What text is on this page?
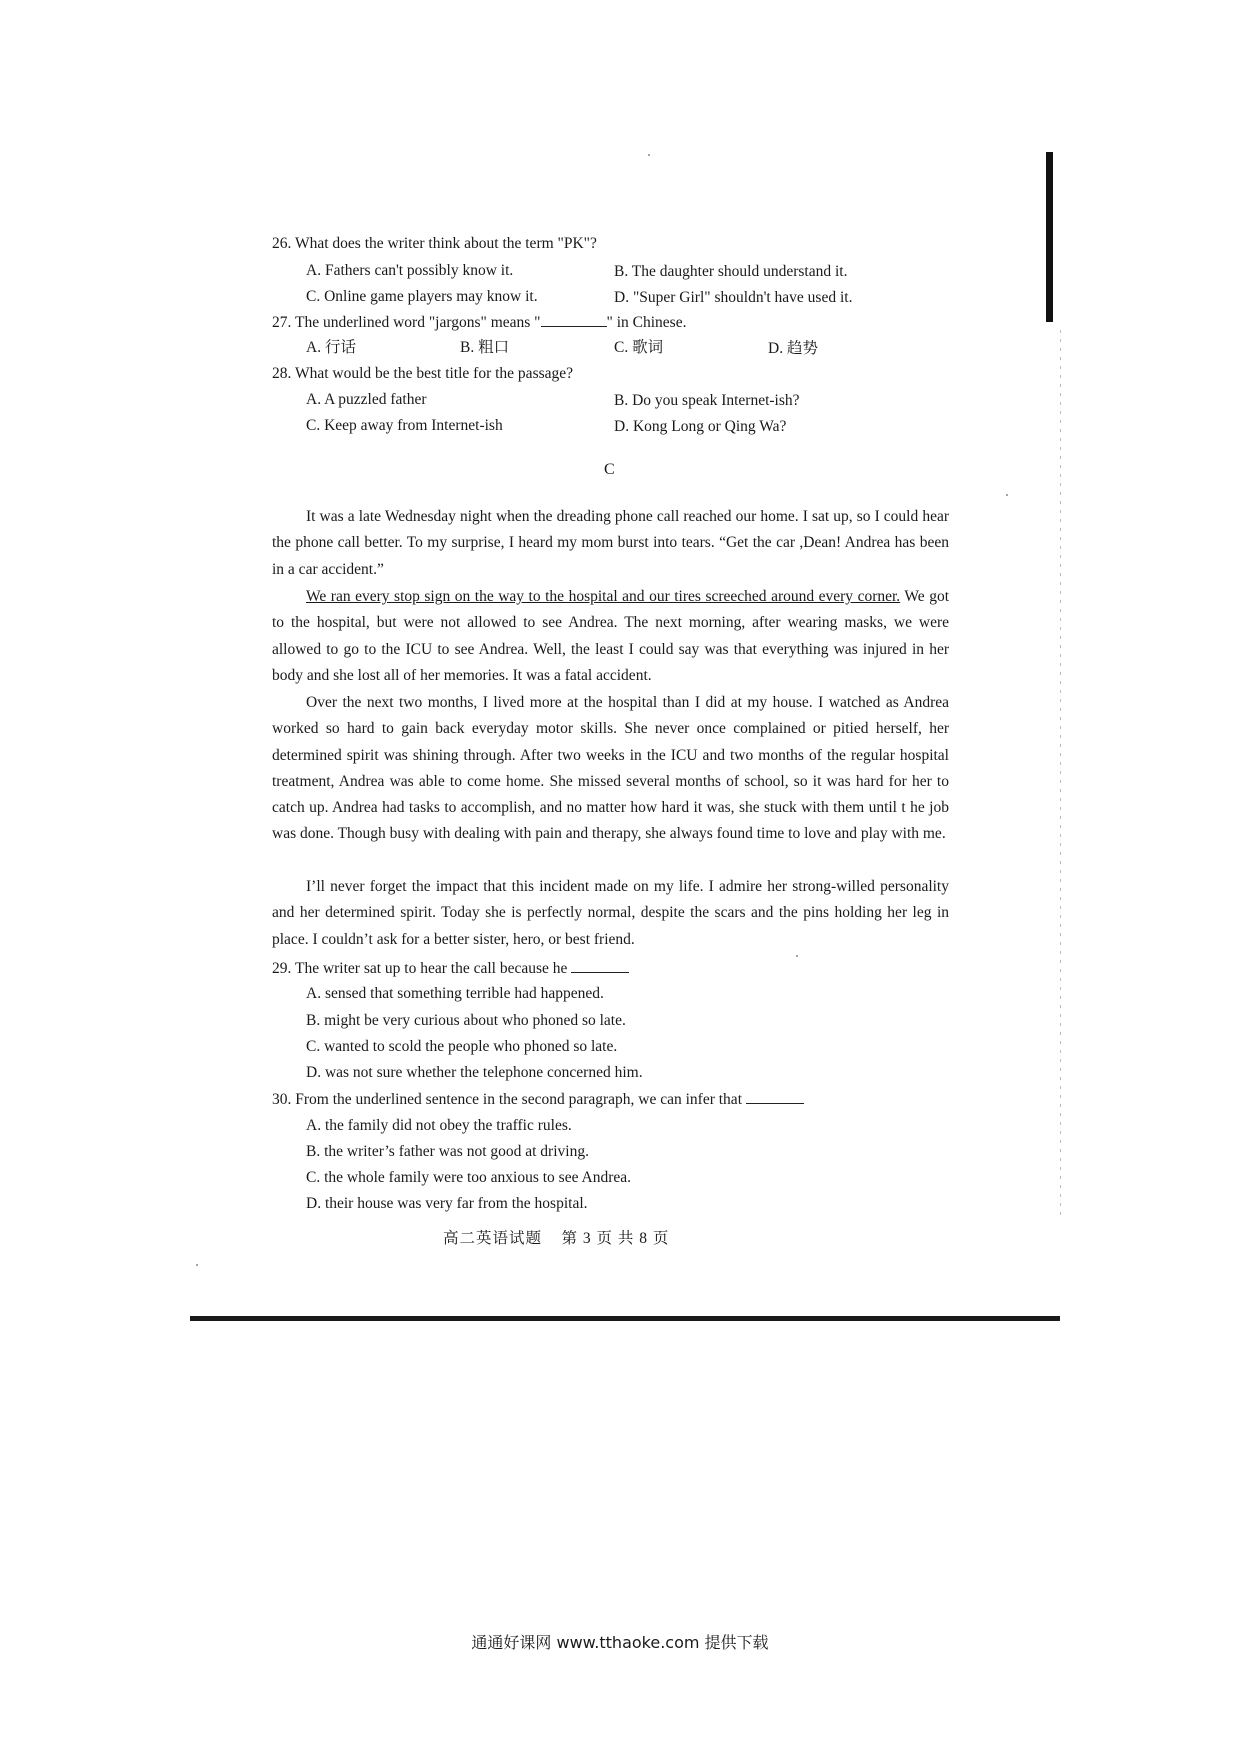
26. What does the writer think about the term "PK"?
A. Fathers can't possibly know it.	B. The daughter should understand it.
C. Online game players may know it.	D. "Super Girl" shouldn't have used it.
27. The underlined word "jargons" means "	" in Chinese.
A. 行话	B. 粗口	C. 歌词	D. 趋势
28. What would be the best title for the passage?
A. A puzzled father	B. Do you speak Internet-ish?
C. Keep away from Internet-ish	D. Kong Long or Qing Wa?
C
It was a late Wednesday night when the dreading phone call reached our home. I sat up, so I could hear the phone call better. To my surprise, I heard my mom burst into tears. “Get the car ,Dean! Andrea has been in a car accident.”
We ran every stop sign on the way to the hospital and our tires screeched around every corner. We got to the hospital, but were not allowed to see Andrea. The next morning, after wearing masks, we were allowed to go to the ICU to see Andrea. Well, the least I could say was that everything was injured in her body and she lost all of her memories. It was a fatal accident.
Over the next two months, I lived more at the hospital than I did at my house. I watched as Andrea worked so hard to gain back everyday motor skills. She never once complained or pitied herself, her determined spirit was shining through. After two weeks in the ICU and two months of the regular hospital treatment, Andrea was able to come home. She missed several months of school, so it was hard for her to catch up. Andrea had tasks to accomplish, and no matter how hard it was, she stuck with them until t he job was done. Though busy with dealing with pain and therapy, she always found time to love and play with me.
I’ll never forget the impact that this incident made on my life. I admire her strong-willed personality and her determined spirit. Today she is perfectly normal, despite the scars and the pins holding her leg in place. I couldn’t ask for a better sister, hero, or best friend.
29. The writer sat up to hear the call because he
A. sensed that something terrible had happened.
B. might be very curious about who phoned so late.
C. wanted to scold the people who phoned so late.
D. was not sure whether the telephone concerned him.
30. From the underlined sentence in the second paragraph, we can infer that
A. the family did not obey the traffic rules.
B. the writer’s father was not good at driving.
C. the whole family were too anxious to see Andrea.
D. their house was very far from the hospital.
高二英语试题    第 3 页 共 8 页
通通好课网 www.tthaoke.com 提供下载
